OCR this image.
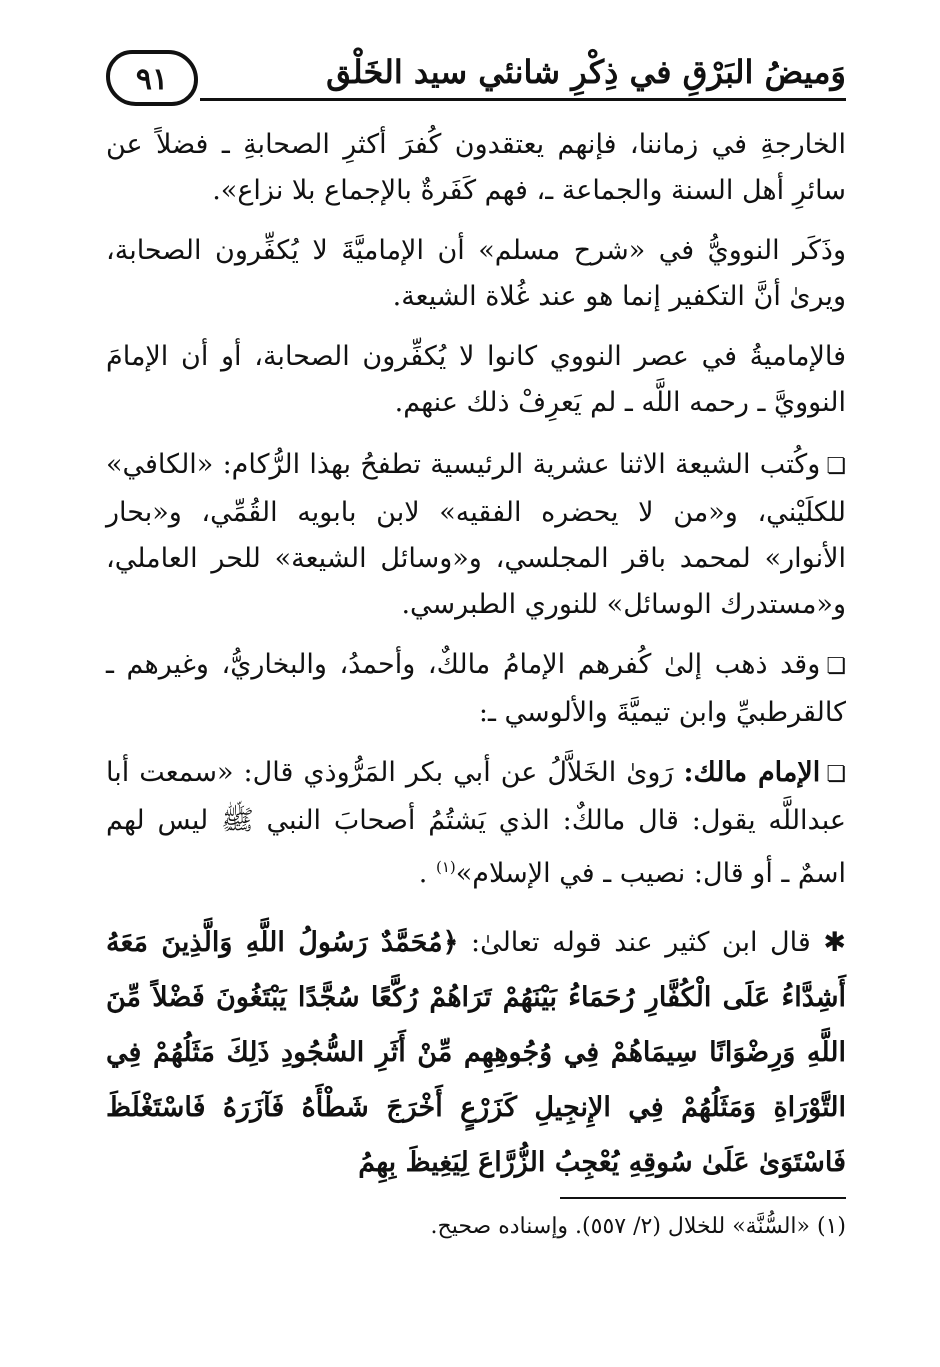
وَميضُ البَرْقِ في ذِكْرِ شانئي سيد الخَلْق
٩١

الخارجةِ في زماننا، فإنهم يعتقدون كُفرَ أكثرِ الصحابةِ ـ فضلاً عن سائرِ أهل السنة والجماعة ـ، فهم كَفَرةٌ بالإجماع بلا نزاع».

وذَكَر النوويُّ في «شرح مسلم» أن الإماميَّةَ لا يُكفِّرون الصحابة، ويرىٰ أنَّ التكفير إنما هو عند غُلاة الشيعة.

فالإماميةُ في عصر النووي كانوا لا يُكفِّرون الصحابة، أو أن الإمامَ النوويَّ ـ رحمه اللَّه ـ لم يَعرِفْ ذلك عنهم.

❏وكُتب الشيعة الاثنا عشرية الرئيسية تطفحُ بهذا الرُّكام: «الكافي» للكلَيْني، و«من لا يحضره الفقيه» لابن بابويه القُمِّي، و«بحار الأنوار» لمحمد باقر المجلسي، و«وسائل الشيعة» للحر العاملي، و«مستدرك الوسائل» للنوري الطبرسي.

❏وقد ذهب إلىٰ كُفرهم الإمامُ مالكٌ، وأحمدُ، والبخاريُّ، وغيرهم ـ كالقرطبيِّ وابن تيميَّةَ والألوسي ـ:

❏الإمام مالك: رَوىٰ الخَلاَّلُ عن أبي بكر المَرُّوذي قال: «سمعت أبا عبداللَّه يقول: قال مالكٌ: الذي يَشتُمُ أصحابَ النبي ﷺ ليس لهم اسمٌ ـ أو قال: نصيب ـ في الإسلام»$^{(١)}$ .

✱ قال ابن كثير عند قوله تعالىٰ: ﴿مُحَمَّدٌ رَسُولُ اللَّهِ وَالَّذِينَ مَعَهُ أَشِدَّاءُ عَلَى الْكُفَّارِ رُحَمَاءُ بَيْنَهُمْ تَرَاهُمْ رُكَّعًا سُجَّدًا يَبْتَغُونَ فَضْلاً مِّنَ اللَّهِ وَرِضْوَانًا سِيمَاهُمْ فِي وُجُوهِهِم مِّنْ أَثَرِ السُّجُودِ ذَلِكَ مَثَلُهُمْ فِي التَّوْرَاةِ وَمَثَلُهُمْ فِي الإِنجِيلِ كَزَرْعٍ أَخْرَجَ شَطْأَهُ فَآزَرَهُ فَاسْتَغْلَظَ فَاسْتَوَىٰ عَلَىٰ سُوقِهِ يُعْجِبُ الزُّرَّاعَ لِيَغِيظَ بِهِمُ

(١) «السُّنَّة» للخلال (٢/ ٥٥٧). وإسناده صحيح.
